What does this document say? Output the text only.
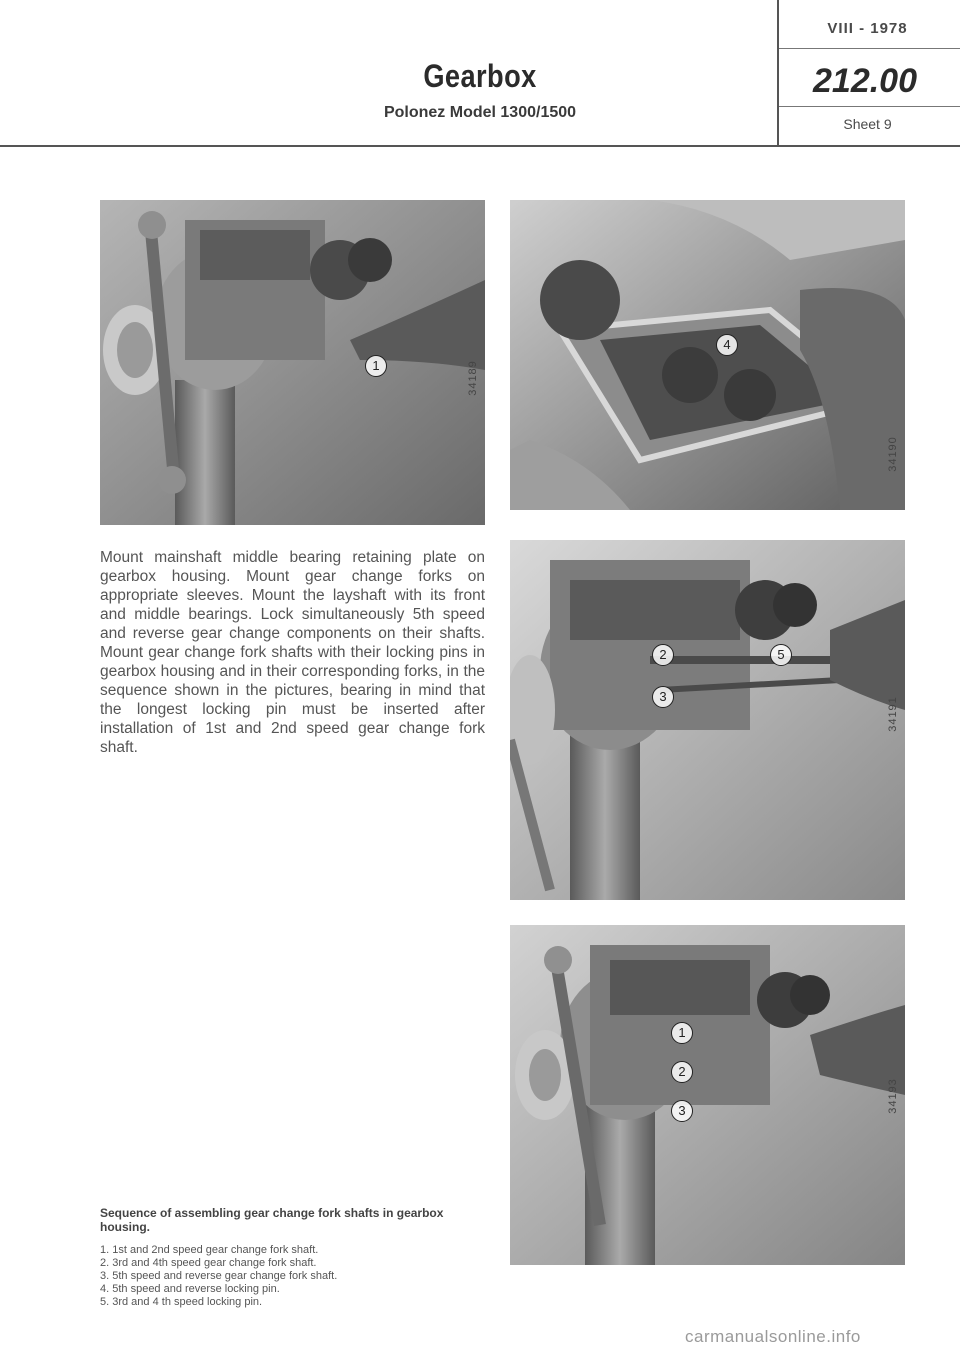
Gearbox
Polonez Model 1300/1500
VIII - 1978
212.00
Sheet 9
1	34189
4
34190
2	5
3	34191
1
2
3	34193

Mount mainshaft middle bearing retaining plate on gearbox housing. Mount gear change forks on appropriate sleeves. Mount the layshaft with its front and middle bearings. Lock simultaneously 5th speed and reverse gear change components on their shafts. Mount gear change fork shafts with their locking pins in gearbox housing and in their corresponding forks, in the sequence shown in the pictures, bearing in mind that the longest locking pin must be inserted after installation of 1st and 2nd speed gear change fork shaft.

Sequence of assembling gear change fork shafts in gearbox housing.
1. 1st and 2nd speed gear change fork shaft.
2. 3rd and 4th speed gear change fork shaft.
3. 5th speed and reverse gear change fork shaft.
4. 5th speed and reverse locking pin.
5. 3rd and 4 th speed locking pin.
carmanualsonline.info
